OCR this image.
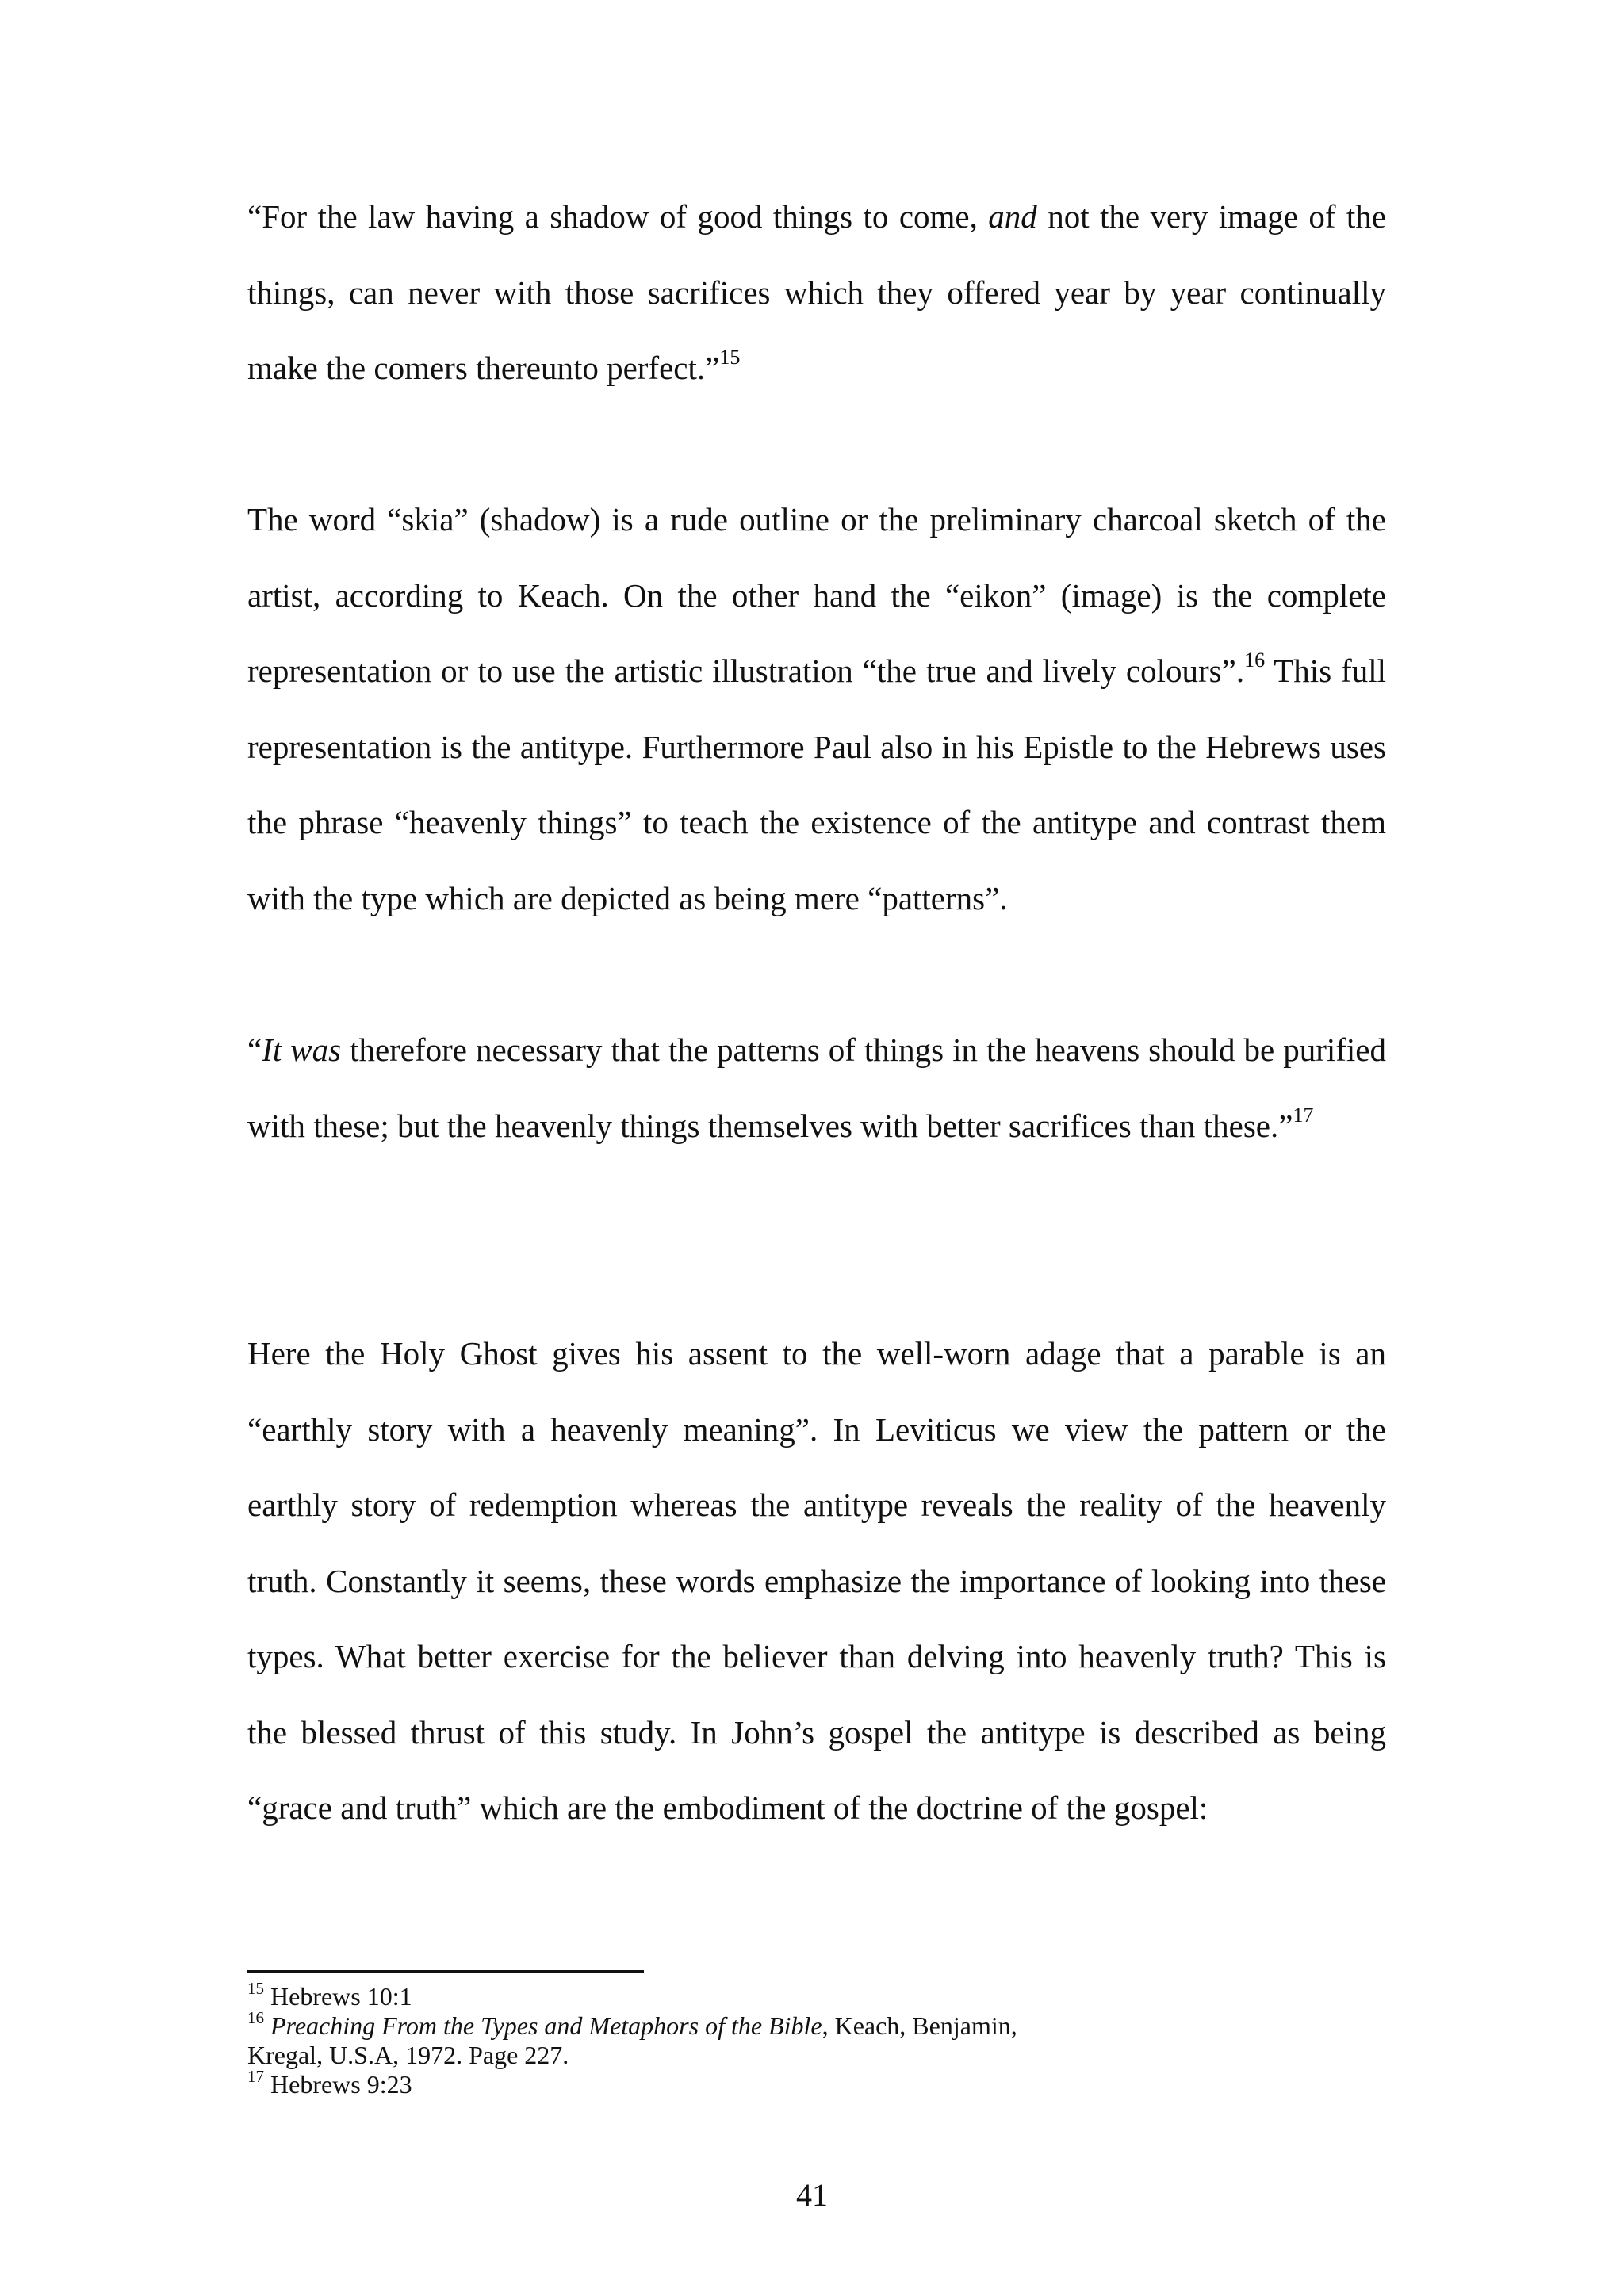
“For the law having a shadow of good things to come, and not the very image of the things, can never with those sacrifices which they offered year by year continually make the comers thereunto perfect.”$^{15}$

The word “skia” (shadow) is a rude outline or the preliminary charcoal sketch of the artist, according to Keach. On the other hand the “eikon” (image) is the complete representation or to use the artistic illustration “the true and lively colours”.$^{16}$ This full representation is the antitype. Furthermore Paul also in his Epistle to the Hebrews uses the phrase “heavenly things” to teach the existence of the antitype and contrast them with the type which are depicted as being mere “patterns”.

“It was therefore necessary that the patterns of things in the heavens should be purified with these; but the heavenly things themselves with better sacrifices than these.”$^{17}$

Here the Holy Ghost gives his assent to the well-worn adage that a parable is an “earthly story with a heavenly meaning”. In Leviticus we view the pattern or the earthly story of redemption whereas the antitype reveals the reality of the heavenly truth. Constantly it seems, these words emphasize the importance of looking into these types. What better exercise for the believer than delving into heavenly truth? This is the blessed thrust of this study. In John’s gospel the antitype is described as being “grace and truth” which are the embodiment of the doctrine of the gospel:

$^{15}$ Hebrews 10:1

$^{16}$ Preaching From the Types and Metaphors of the Bible, Keach, Benjamin,
Kregal, U.S.A, 1972. Page 227.

$^{17}$ Hebrews 9:23

41
